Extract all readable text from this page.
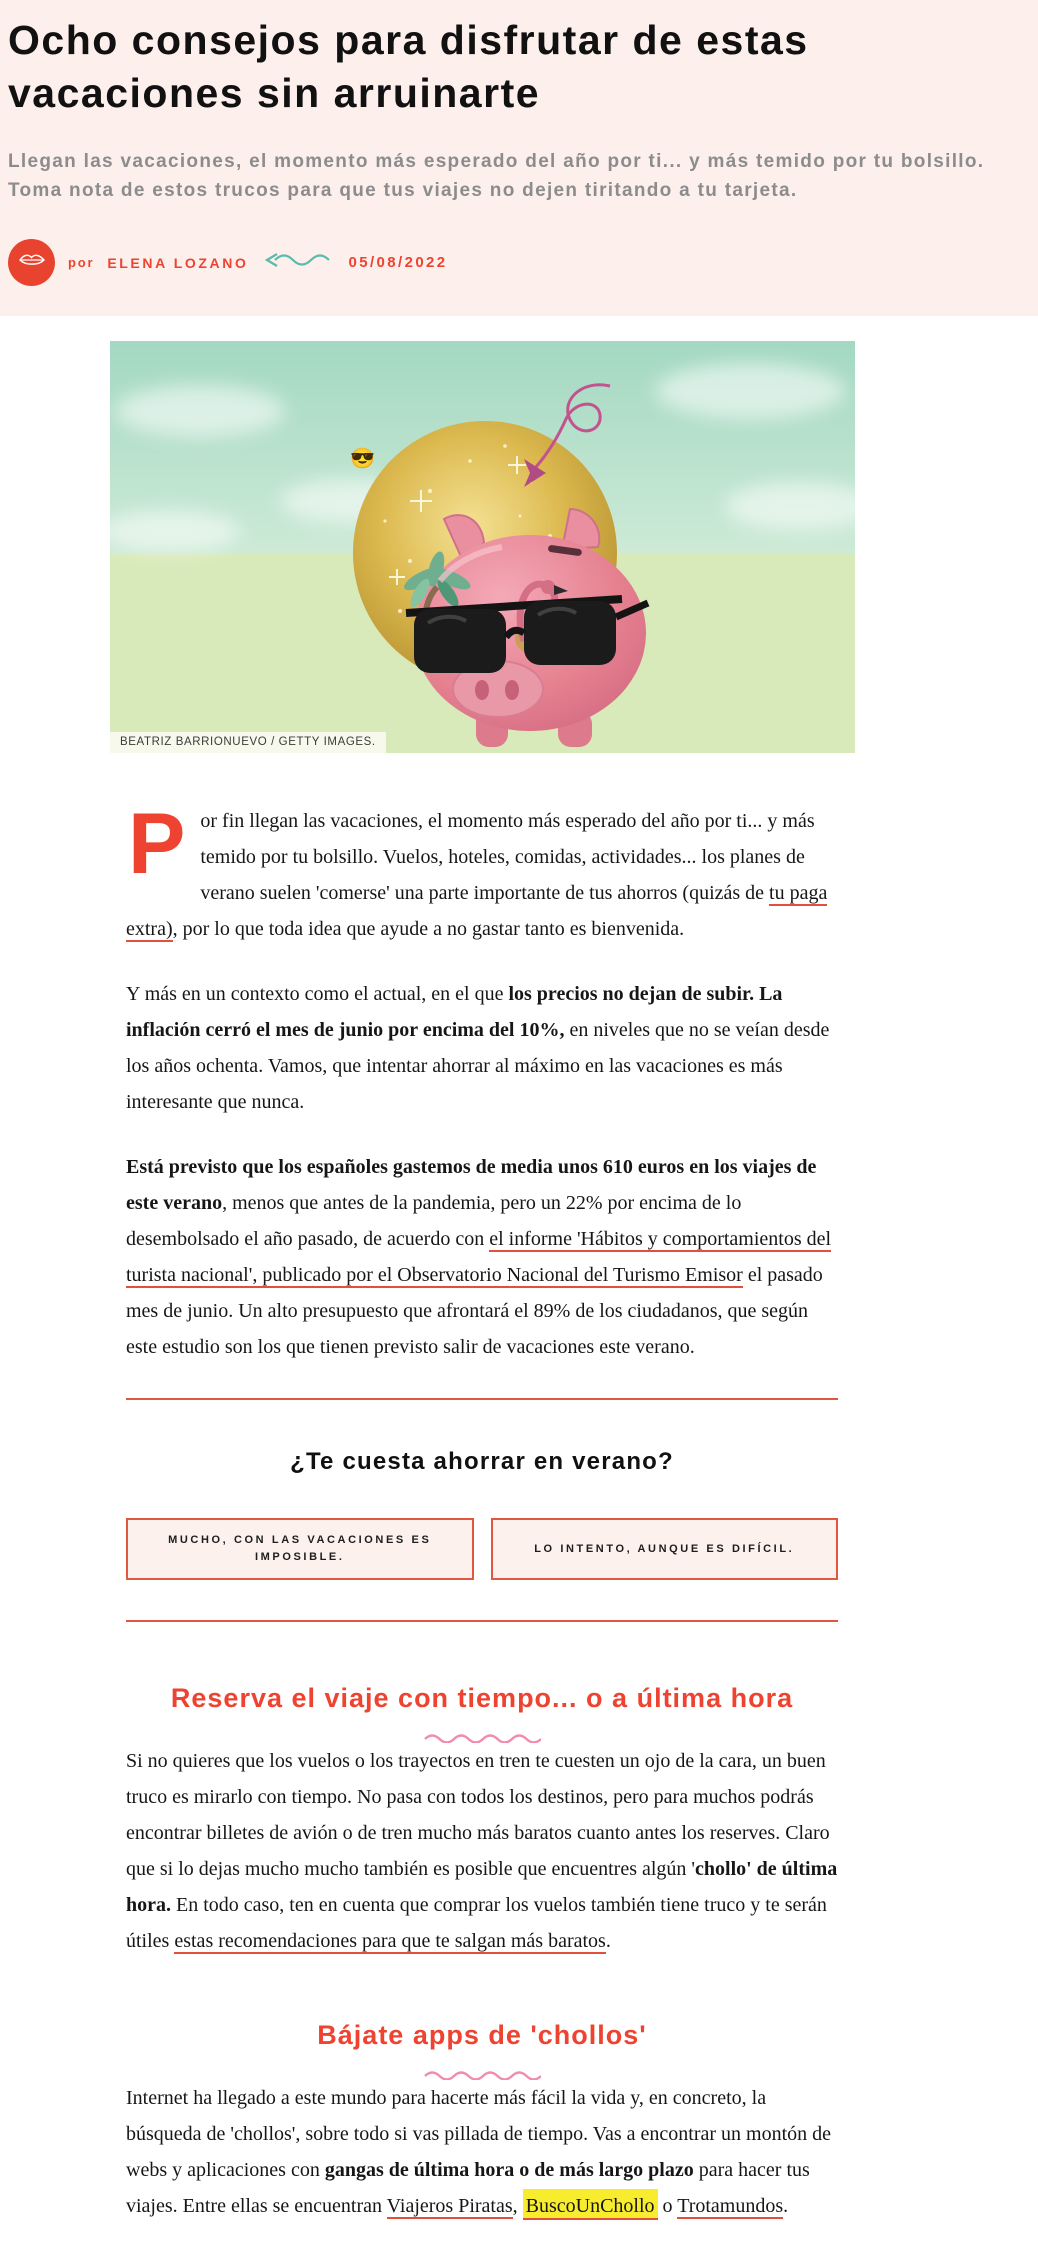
Ocho consejos para disfrutar de estas vacaciones sin arruinarte

Llegan las vacaciones, el momento más esperado del año por ti... y más temido por tu bolsillo. Toma nota de estos trucos para que tus viajes no dejen tiritando a tu tarjeta.

por ELENA LOZANO	05/08/2022
😎
BEATRIZ BARRIONUEVO / GETTY IMAGES.

Por fin llegan las vacaciones, el momento más esperado del año por ti... y más temido por tu bolsillo. Vuelos, hoteles, comidas, actividades... los planes de verano suelen 'comerse' una parte importante de tus ahorros (quizás de tu paga extra), por lo que toda idea que ayude a no gastar tanto es bienvenida.

Y más en un contexto como el actual, en el que los precios no dejan de subir. La inflación cerró el mes de junio por encima del 10%, en niveles que no se veían desde los años ochenta. Vamos, que intentar ahorrar al máximo en las vacaciones es más interesante que nunca.

Está previsto que los españoles gastemos de media unos 610 euros en los viajes de este verano, menos que antes de la pandemia, pero un 22% por encima de lo desembolsado el año pasado, de acuerdo con el informe 'Hábitos y comportamientos del turista nacional', publicado por el Observatorio Nacional del Turismo Emisor el pasado mes de junio. Un alto presupuesto que afrontará el 89% de los ciudadanos, que según este estudio son los que tienen previsto salir de vacaciones este verano.

¿Te cuesta ahorrar en verano?
MUCHO, CON LAS VACACIONES ES IMPOSIBLE.
LO INTENTO, AUNQUE ES DIFÍCIL.
Reserva el viaje con tiempo... o a última hora

Si no quieres que los vuelos o los trayectos en tren te cuesten un ojo de la cara, un buen truco es mirarlo con tiempo. No pasa con todos los destinos, pero para muchos podrás encontrar billetes de avión o de tren mucho más baratos cuanto antes los reserves. Claro que si lo dejas mucho mucho también es posible que encuentres algún 'chollo' de última hora. En todo caso, ten en cuenta que comprar los vuelos también tiene truco y te serán útiles estas recomendaciones para que te salgan más baratos.

Bájate apps de 'chollos'

Internet ha llegado a este mundo para hacerte más fácil la vida y, en concreto, la búsqueda de 'chollos', sobre todo si vas pillada de tiempo. Vas a encontrar un montón de webs y aplicaciones con gangas de última hora o de más largo plazo para hacer tus viajes. Entre ellas se encuentran Viajeros Piratas, BuscoUnChollo o Trotamundos.
